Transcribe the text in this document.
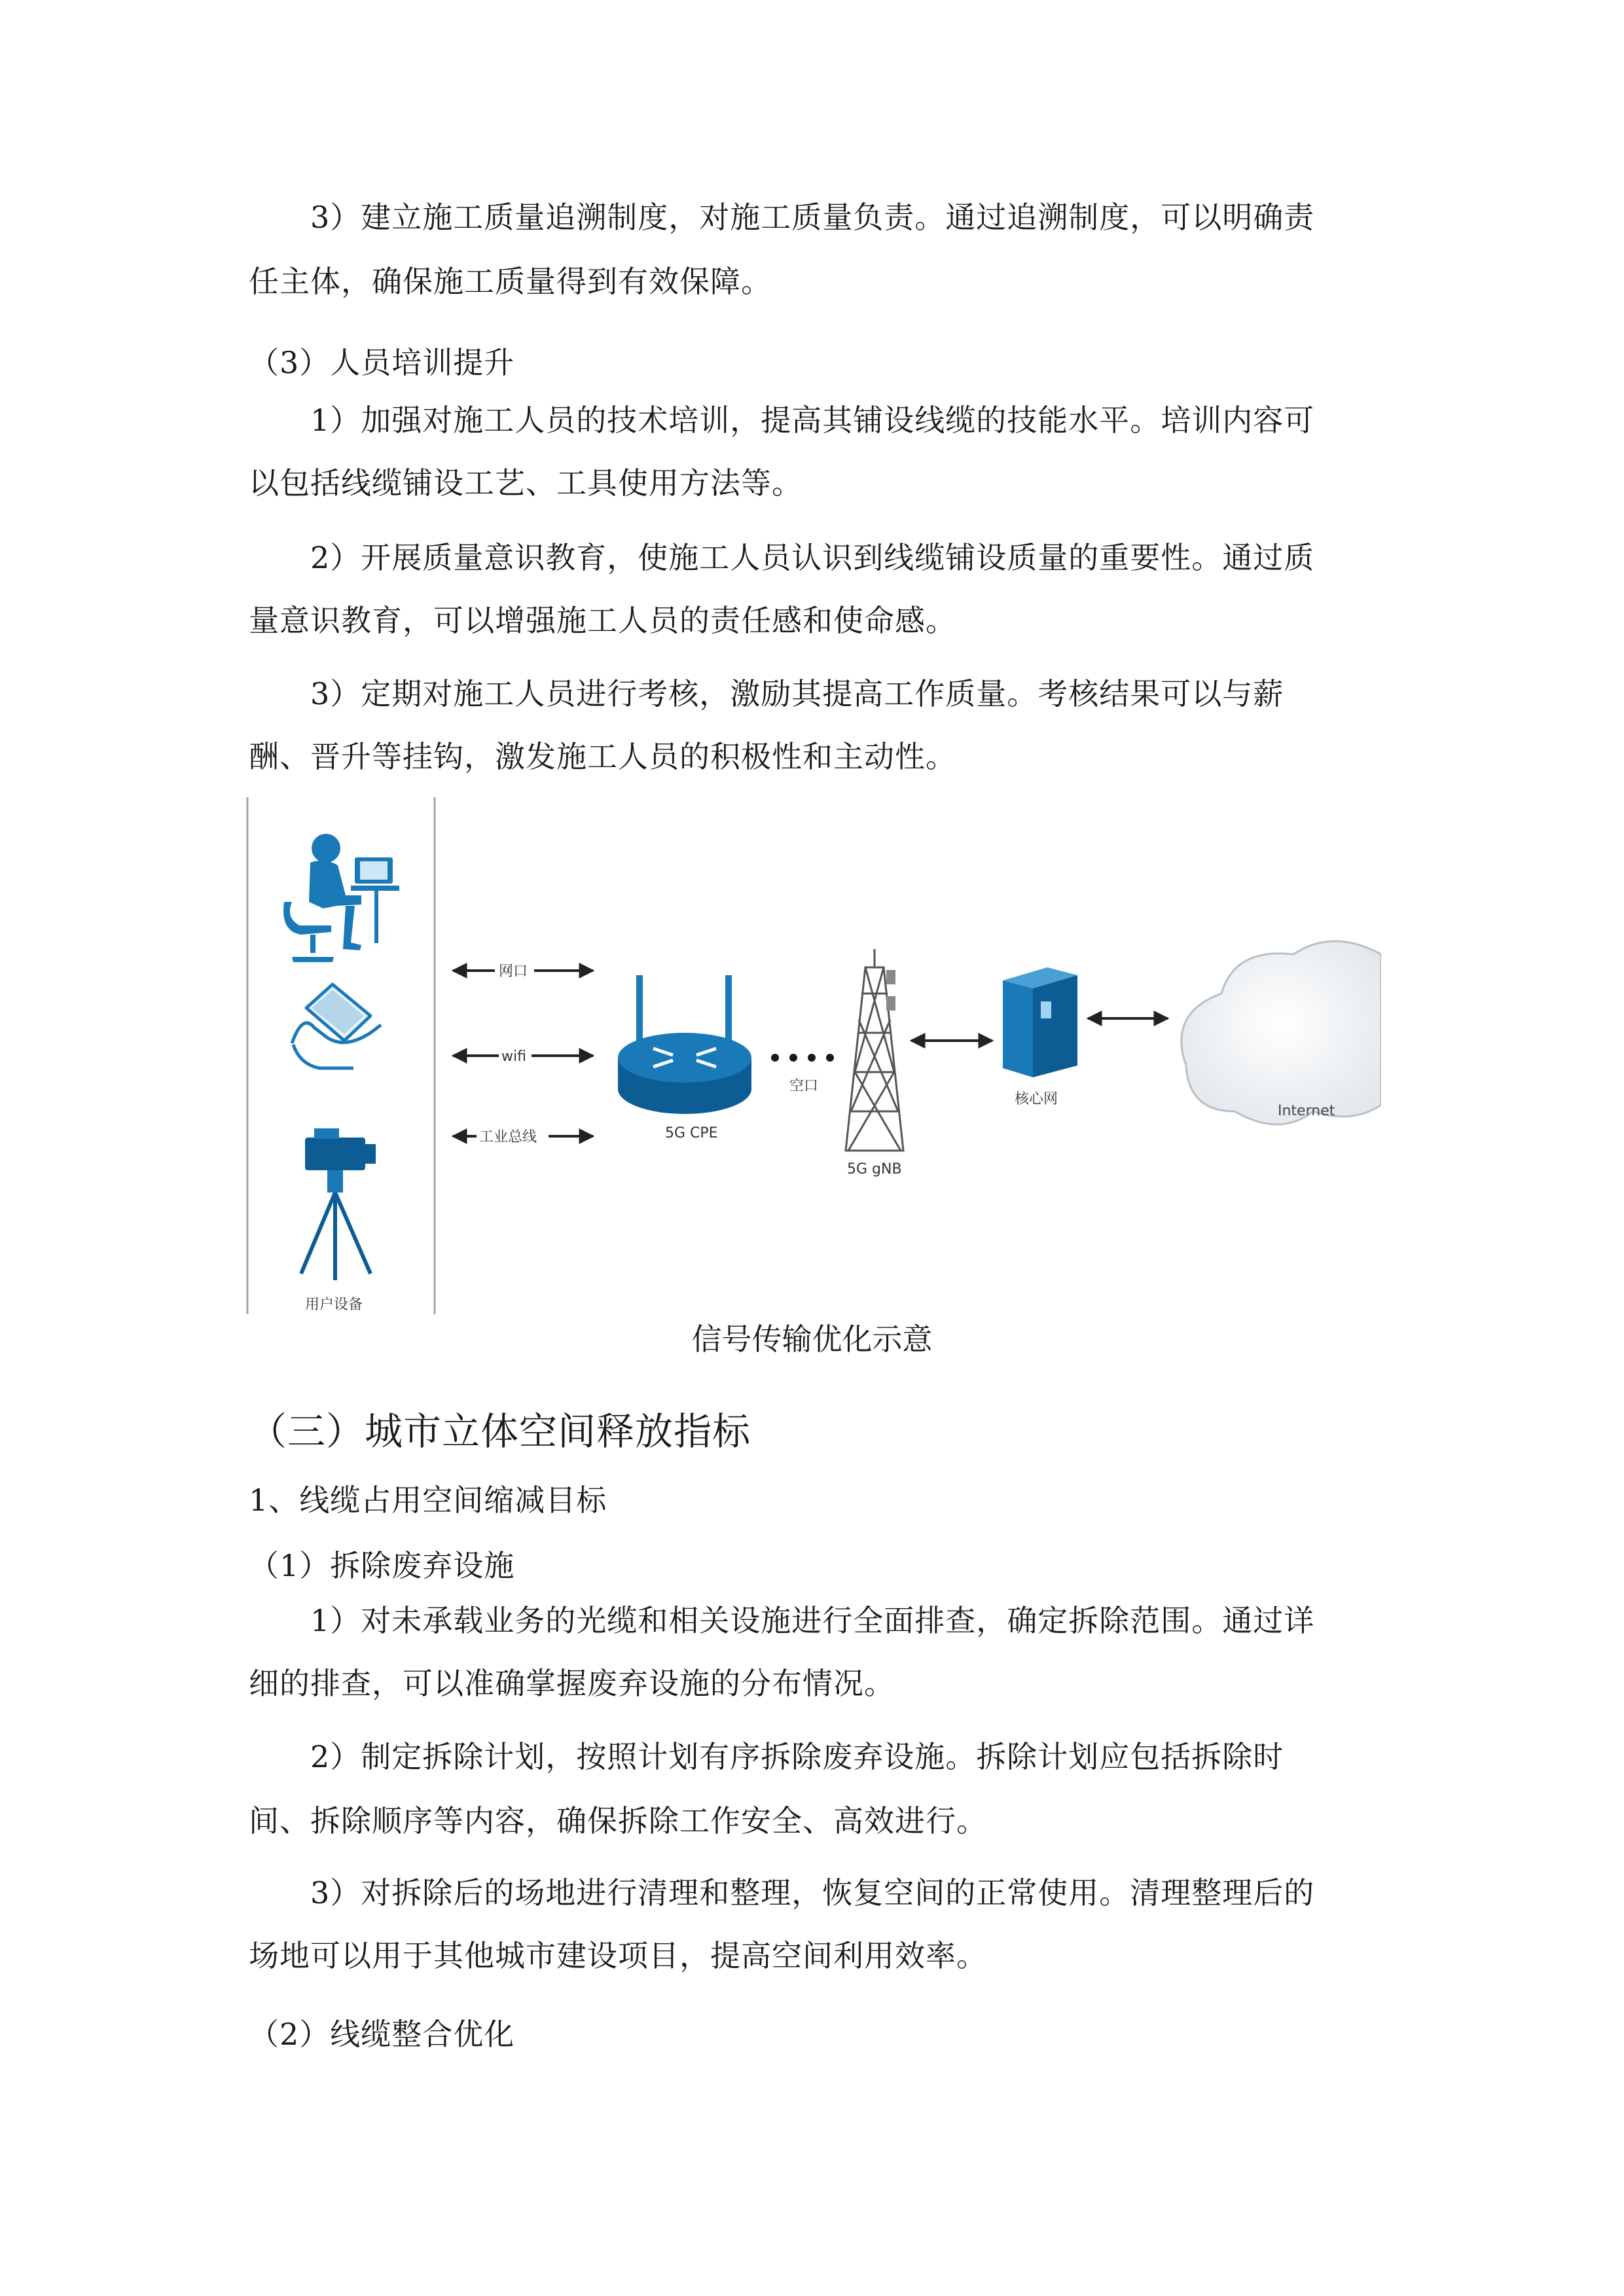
3）建立施工质量追溯制度，对施工质量负责。通过追溯制度，可以明确责
任主体，确保施工质量得到有效保障。
（3）人员培训提升
1）加强对施工人员的技术培训，提高其铺设线缆的技能水平。培训内容可
以包括线缆铺设工艺、工具使用方法等。
2）开展质量意识教育，使施工人员认识到线缆铺设质量的重要性。通过质
量意识教育，可以增强施工人员的责任感和使命感。
3）定期对施工人员进行考核，激励其提高工作质量。考核结果可以与薪
酬、晋升等挂钩，激发施工人员的积极性和主动性。
用户设备
网口
wifi
工业总线	5G CPE
空口
5G gNB
核心网
Internet
信号传输优化示意
（三）城市立体空间释放指标
1、线缆占用空间缩减目标
（1）拆除废弃设施
1）对未承载业务的光缆和相关设施进行全面排查，确定拆除范围。通过详
细的排查，可以准确掌握废弃设施的分布情况。
2）制定拆除计划，按照计划有序拆除废弃设施。拆除计划应包括拆除时
间、拆除顺序等内容，确保拆除工作安全、高效进行。
3）对拆除后的场地进行清理和整理，恢复空间的正常使用。清理整理后的
场地可以用于其他城市建设项目，提高空间利用效率。
（2）线缆整合优化
